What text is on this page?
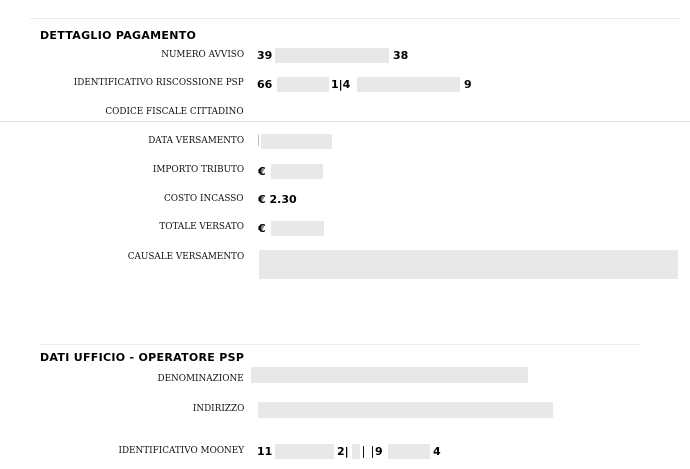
DETTAGLIO PAGAMENTO
NUMERO AVVISO 39	38
IDENTIFICATIVO RISCOSSIONE PSP 66	1|4	9
CODICE FISCALE CITTADINO
DATA VERSAMENTO
IMPORTO TRIBUTO €
COSTO INCASSO € 2.30
TOTALE VERSATO €
CAUSALE VERSAMENTO
DATI UFFICIO - OPERATORE PSP
DENOMINAZIONE
INDIRIZZO
IDENTIFICATIVO MOONEY 11	2| 9	4
